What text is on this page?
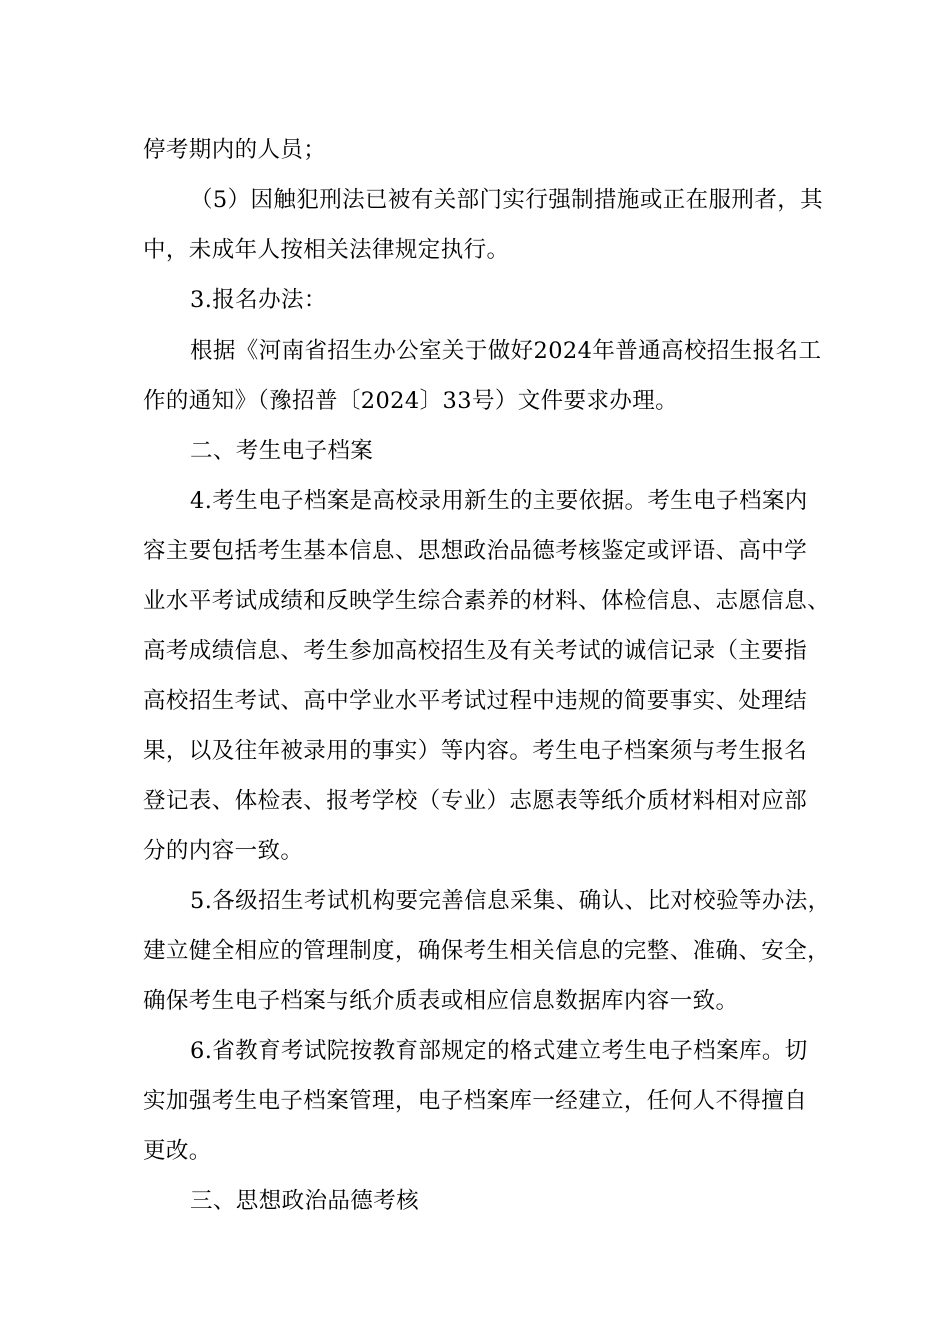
停考期内的人员；

（5）因触犯刑法已被有关部门实行强制措施或正在服刑者，其

中，未成年人按相关法律规定执行。

3.报名办法：

根据《河南省招生办公室关于做好2024年普通高校招生报名工

作的通知》（豫招普〔2024〕33号）文件要求办理。

二、考生电子档案

4.考生电子档案是高校录用新生的主要依据。考生电子档案内

容主要包括考生基本信息、思想政治品德考核鉴定或评语、高中学

业水平考试成绩和反映学生综合素养的材料、体检信息、志愿信息、

高考成绩信息、考生参加高校招生及有关考试的诚信记录（主要指

高校招生考试、高中学业水平考试过程中违规的简要事实、处理结

果，以及往年被录用的事实）等内容。考生电子档案须与考生报名

登记表、体检表、报考学校（专业）志愿表等纸介质材料相对应部

分的内容一致。

5.各级招生考试机构要完善信息采集、确认、比对校验等办法，

建立健全相应的管理制度，确保考生相关信息的完整、准确、安全，

确保考生电子档案与纸介质表或相应信息数据库内容一致。

6.省教育考试院按教育部规定的格式建立考生电子档案库。切

实加强考生电子档案管理，电子档案库一经建立，任何人不得擅自

更改。

三、思想政治品德考核
